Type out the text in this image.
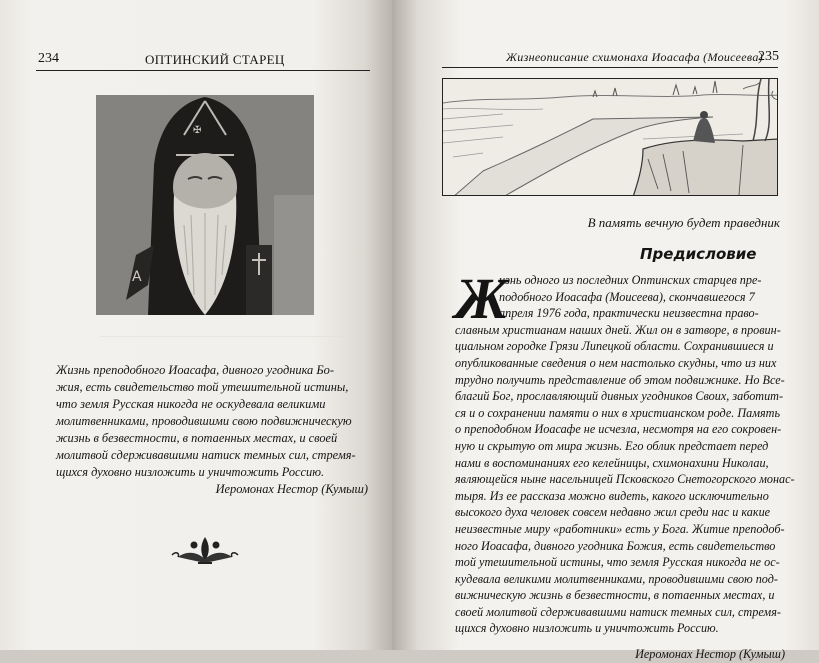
234	ОПТИНСКИЙ СТАРЕЦ
✠
A
Жизнь преподобного Иоасафа, дивного угодника Бо-
жия, есть свидетельство той утешительной истины,
что земля Русская никогда не оскудевала великими
молитвенниками, проводившими свою подвижническую
жизнь в безвестности, в потаенных местах, и своей
молитвой сдерживавшими натиск темных сил, стремя-
щихся духовно низложить и уничтожить Россию.
Иеромонах Нестор (Кумыш)
Жизнеописание схимонаха Иоасафа (Моисеева)
235
В память вечную будет праведник
Предисловие
Ж
изнь одного из последних Оптинских старцев пре-
подобного Иоасафа (Моисеева), скончавшегося 7
апреля 1976 года, практически неизвестна право-
славным христианам наших дней. Жил он в затворе, в провин-
циальном городке Грязи Липецкой области. Сохранившиеся и
опубликованные сведения о нем настолько скудны, что из них
трудно получить представление об этом подвижнике. Но Все-
благий Бог, прославляющий дивных угодников Своих, заботит-
ся и о сохранении памяти о них в христианском роде. Память
о преподобном Иоасафе не исчезла, несмотря на его сокровен-
ную и скрытую от мира жизнь. Его облик предстает перед
нами в воспоминаниях его келейницы, схимонахини Николаи,
являющейся ныне насельницей Псковского Снетогорского монас-
тыря. Из ее рассказа можно видеть, какого исключительно
высокого духа человек совсем недавно жил среди нас и какие
неизвестные миру «работники» есть у Бога. Житие преподоб-
ного Иоасафа, дивного угодника Божия, есть свидетельство
той утешительной истины, что земля Русская никогда не ос-
кудевала великими молитвенниками, проводившими свою под-
вижническую жизнь в безвестности, в потаенных местах, и
своей молитвой сдерживавшими натиск темных сил, стремя-
щихся духовно низложить и уничтожить Россию.
Иеромонах Нестор (Кумыш)
